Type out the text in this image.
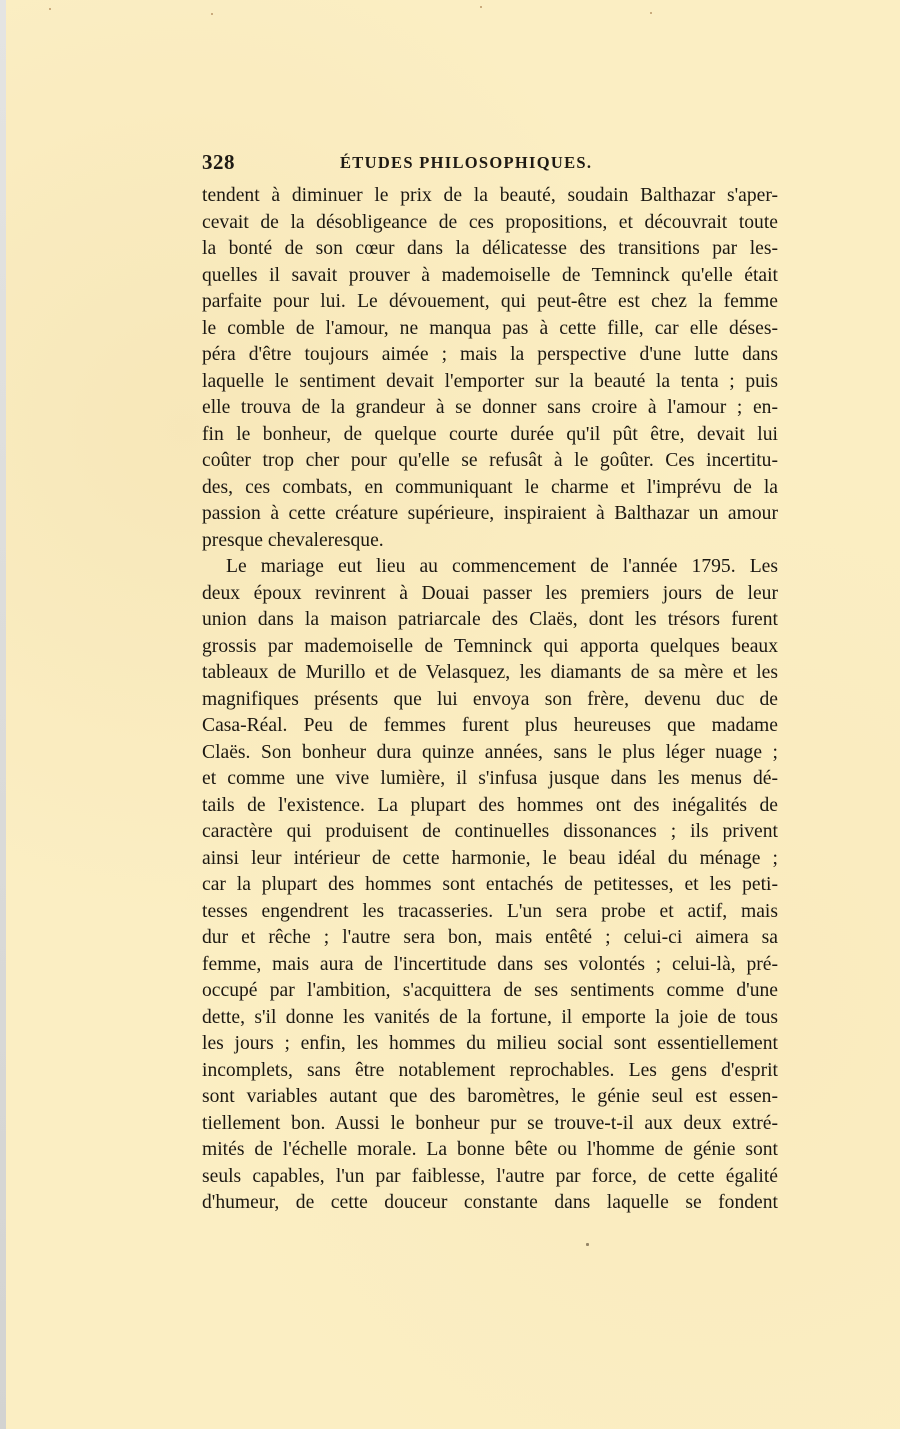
328	ÉTUDES PHILOSOPHIQUES.
tendent à diminuer le prix de la beauté, soudain Balthazar s'aper-
cevait de la désobligeance de ces propositions, et découvrait toute
la bonté de son cœur dans la délicatesse des transitions par les-
quelles il savait prouver à mademoiselle de Temninck qu'elle était
parfaite pour lui. Le dévouement, qui peut-être est chez la femme
le comble de l'amour, ne manqua pas à cette fille, car elle déses-
péra d'être toujours aimée ; mais la perspective d'une lutte dans
laquelle le sentiment devait l'emporter sur la beauté la tenta ; puis
elle trouva de la grandeur à se donner sans croire à l'amour ; en-
fin le bonheur, de quelque courte durée qu'il pût être, devait lui
coûter trop cher pour qu'elle se refusât à le goûter. Ces incertitu-
des, ces combats, en communiquant le charme et l'imprévu de la
passion à cette créature supérieure, inspiraient à Balthazar un amour
presque chevaleresque.
Le mariage eut lieu au commencement de l'année 1795. Les
deux époux revinrent à Douai passer les premiers jours de leur
union dans la maison patriarcale des Claës, dont les trésors furent
grossis par mademoiselle de Temninck qui apporta quelques beaux
tableaux de Murillo et de Velasquez, les diamants de sa mère et les
magnifiques présents que lui envoya son frère, devenu duc de
Casa-Réal. Peu de femmes furent plus heureuses que madame
Claës. Son bonheur dura quinze années, sans le plus léger nuage ;
et comme une vive lumière, il s'infusa jusque dans les menus dé-
tails de l'existence. La plupart des hommes ont des inégalités de
caractère qui produisent de continuelles dissonances ; ils privent
ainsi leur intérieur de cette harmonie, le beau idéal du ménage ;
car la plupart des hommes sont entachés de petitesses, et les peti-
tesses engendrent les tracasseries. L'un sera probe et actif, mais
dur et rêche ; l'autre sera bon, mais entêté ; celui-ci aimera sa
femme, mais aura de l'incertitude dans ses volontés ; celui-là, pré-
occupé par l'ambition, s'acquittera de ses sentiments comme d'une
dette, s'il donne les vanités de la fortune, il emporte la joie de tous
les jours ; enfin, les hommes du milieu social sont essentiellement
incomplets, sans être notablement reprochables. Les gens d'esprit
sont variables autant que des baromètres, le génie seul est essen-
tiellement bon. Aussi le bonheur pur se trouve-t-il aux deux extré-
mités de l'échelle morale. La bonne bête ou l'homme de génie sont
seuls capables, l'un par faiblesse, l'autre par force, de cette égalité
d'humeur, de cette douceur constante dans laquelle se fondent
